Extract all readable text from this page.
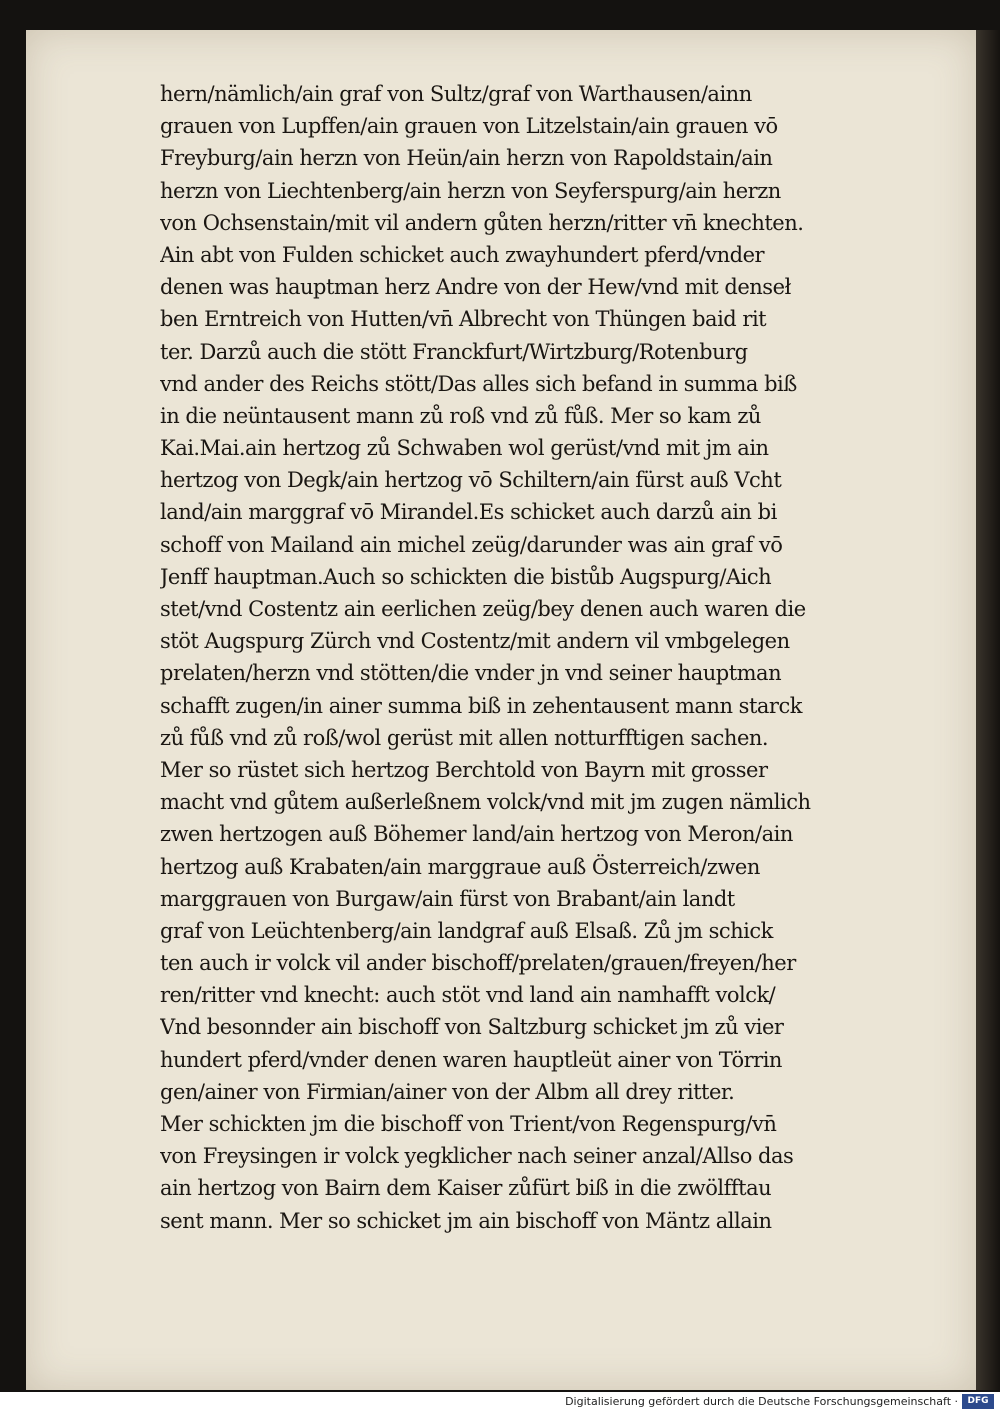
hern/nämlich/ain graf von Sultz/graf von Warthausen/ainn
grauen von Lupffen/ain grauen von Litzelstain/ain grauen vō
Freyburg/ain herzn von Heün/ain herzn von Rapoldstain/ain
herzn von Liechtenberg/ain herzn von Seyferspurg/ain herzn
von Ochsenstain/mit vil andern gůten herzn/ritter vn̄ knechten.
Ain abt von Fulden schicket auch zwayhundert pferd/vnder
denen was hauptman herz Andre von der Hew/vnd mit denseł
ben Erntreich von Hutten/vn̄ Albrecht von Thüngen baid rit
ter. Darzů auch die stött Franckfurt/Wirtzburg/Rotenburg
vnd ander des Reichs stött/Das alles sich befand in summa biß
in die neüntausent mann zů roß vnd zů fůß. Mer so kam zů
Kai.Mai.ain hertzog zů Schwaben wol gerüst/vnd mit jm ain
hertzog von Degk/ain hertzog vō Schiltern/ain fürst auß Vcht
land/ain marggraf vō Mirandel.Es schicket auch darzů ain bi
schoff von Mailand ain michel zeüg/darunder was ain graf vō
Jenff hauptman.Auch so schickten die bistůb Augspurg/Aich
stet/vnd Costentz ain eerlichen zeüg/bey denen auch waren die
stöt Augspurg Zürch vnd Costentz/mit andern vil vmbgelegen
prelaten/herzn vnd stötten/die vnder jn vnd seiner hauptman
schafft zugen/in ainer summa biß in zehentausent mann starck
zů fůß vnd zů roß/wol gerüst mit allen notturfftigen sachen.
Mer so rüstet sich hertzog Berchtold von Bayrn mit grosser
macht vnd gůtem außerleßnem volck/vnd mit jm zugen nämlich
zwen hertzogen auß Böhemer land/ain hertzog von Meron/ain
hertzog auß Krabaten/ain marggraue auß Österreich/zwen
marggrauen von Burgaw/ain fürst von Brabant/ain landt
graf von Leüchtenberg/ain landgraf auß Elsaß. Zů jm schick
ten auch ir volck vil ander bischoff/prelaten/grauen/freyen/her
ren/ritter vnd knecht: auch stöt vnd land ain namhafft volck/
Vnd besonnder ain bischoff von Saltzburg schicket jm zů vier
hundert pferd/vnder denen waren hauptleüt ainer von Törrin
gen/ainer von Firmian/ainer von der Albm all drey ritter.
Mer schickten jm die bischoff von Trient/von Regenspurg/vn̄
von Freysingen ir volck yegklicher nach seiner anzal/Allso das
ain hertzog von Bairn dem Kaiser zůfürt biß in die zwölfftau
sent mann. Mer so schicket jm ain bischoff von Mäntz allain
Digitalisierung gefördert durch die Deutsche Forschungsgemeinschaft ·	DFG
